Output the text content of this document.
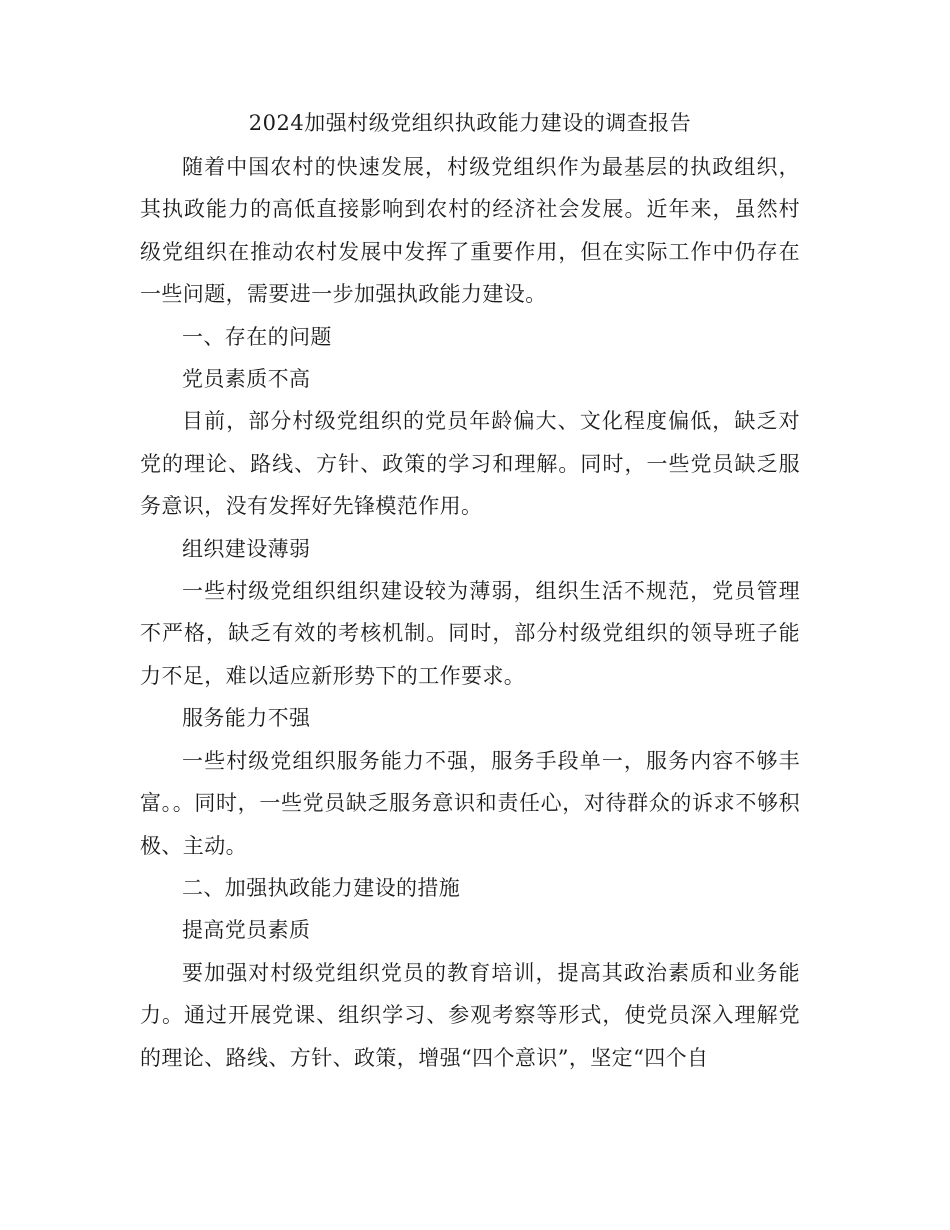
2024加强村级党组织执政能力建设的调查报告

随着中国农村的快速发展，村级党组织作为最基层的执政组织，其执政能力的高低直接影响到农村的经济社会发展。近年来，虽然村级党组织在推动农村发展中发挥了重要作用，但在实际工作中仍存在一些问题，需要进一步加强执政能力建设。

一、存在的问题

党员素质不高

目前，部分村级党组织的党员年龄偏大、文化程度偏低，缺乏对党的理论、路线、方针、政策的学习和理解。同时，一些党员缺乏服务意识，没有发挥好先锋模范作用。

组织建设薄弱

一些村级党组织组织建设较为薄弱，组织生活不规范，党员管理不严格，缺乏有效的考核机制。同时，部分村级党组织的领导班子能力不足，难以适应新形势下的工作要求。

服务能力不强

一些村级党组织服务能力不强，服务手段单一，服务内容不够丰富。。同时，一些党员缺乏服务意识和责任心，对待群众的诉求不够积极、主动。

二、加强执政能力建设的措施

提高党员素质

要加强对村级党组织党员的教育培训，提高其政治素质和业务能力。通过开展党课、组织学习、参观考察等形式，使党员深入理解党的理论、路线、方针、政策，增强“四个意识”，坚定“四个自
